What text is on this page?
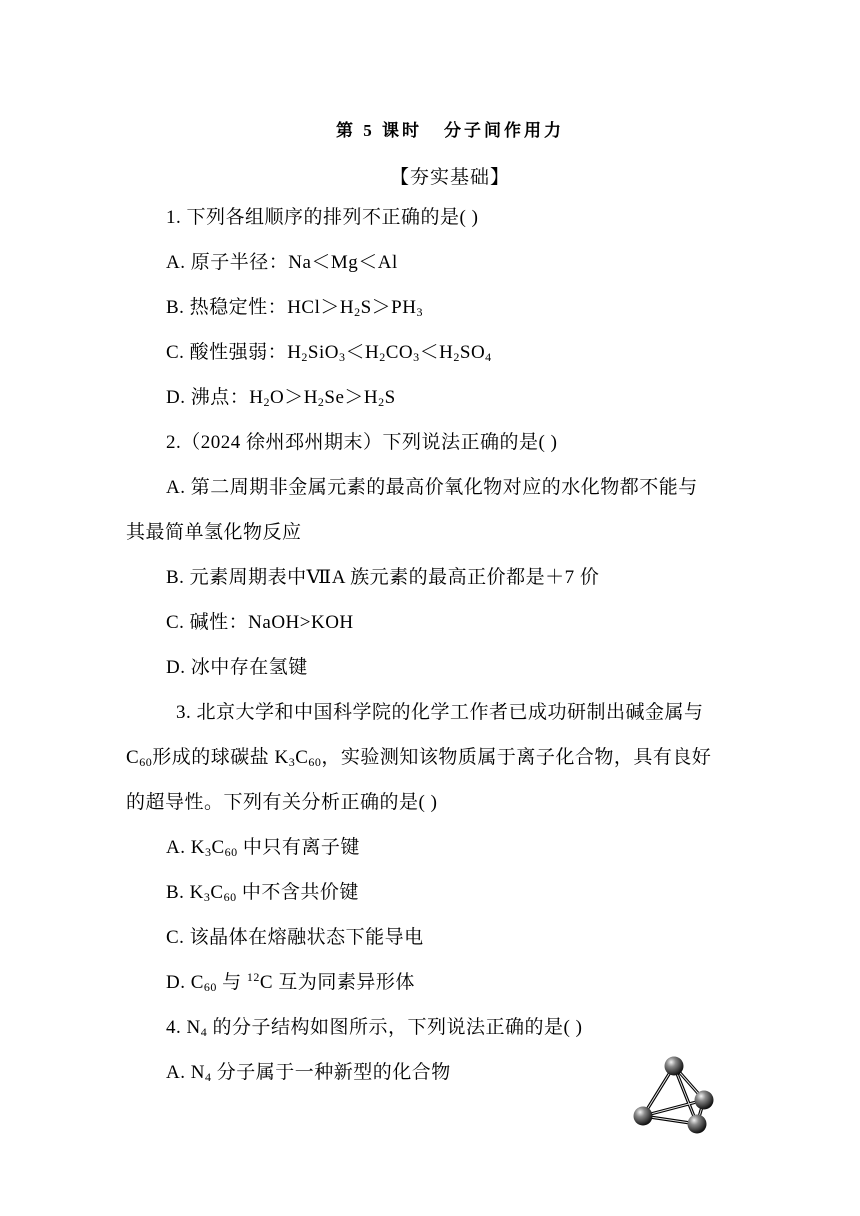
第 5 课时 分子间作用力
【夯实基础】
1. 下列各组顺序的排列不正确的是( )
A. 原子半径：Na＜Mg＜Al
B. 热稳定性：$HCl>H_2S>PH_3$
C. 酸性强弱：$H_2SiO_3<H_2CO_3<H_2SO_4$
D. 沸点：$H_2O>H_2Se>H_2S$
2.（2024 徐州邳州期末）下列说法正确的是( )
A. 第二周期非金属元素的最高价氧化物对应的水化物都不能与
其最简单氢化物反应
B. 元素周期表中ⅦA 族元素的最高正价都是＋7 价
C. 碱性：NaOH>KOH
D. 冰中存在氢键
3. 北京大学和中国科学院的化学工作者已成功研制出碱金属与
$C_{60}$形成的球碳盐 $K_3C_{60}$，实验测知该物质属于离子化合物，具有良好
的超导性。下列有关分析正确的是( )
A. $K_3C_{60}$ 中只有离子键
B. $K_3C_{60}$ 中不含共价键
C. 该晶体在熔融状态下能导电
D. $C_{60}$ 与 $^{12}$C 互为同素异形体
4. $N_4$ 的分子结构如图所示，下列说法正确的是( )
A. $N_4$ 分子属于一种新型的化合物
